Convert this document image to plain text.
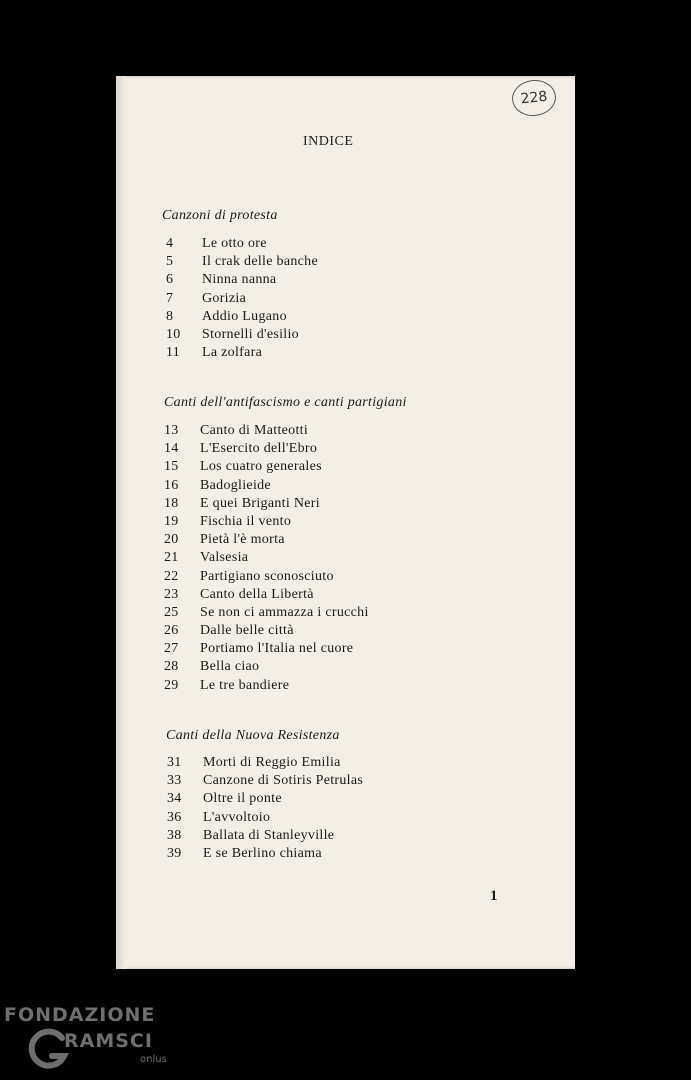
228
INDICE
Canzoni di protesta
4	Le otto ore
5	Il crak delle banche
6	Ninna nanna
7	Gorizia
8	Addio Lugano
10	Stornelli d'esilio
11	La zolfara
Canti dell'antifascismo e canti partigiani
13	Canto di Matteotti
14	L'Esercito dell'Ebro
15	Los cuatro generales
16	Badoglieide
18	E quei Briganti Neri
19	Fischia il vento
20	Pietà l'è morta
21	Valsesia
22	Partigiano sconosciuto
23	Canto della Libertà
25	Se non ci ammazza i crucchi
26	Dalle belle città
27	Portiamo l'Italia nel cuore
28	Bella ciao
29	Le tre bandiere
Canti della Nuova Resistenza
31	Morti di Reggio Emilia
33	Canzone di Sotiris Petrulas
34	Oltre il ponte
36	L'avvoltoio
38	Ballata di Stanleyville
39	E se Berlino chiama
1
FONDAZIONE
RAMSCI
onlus
